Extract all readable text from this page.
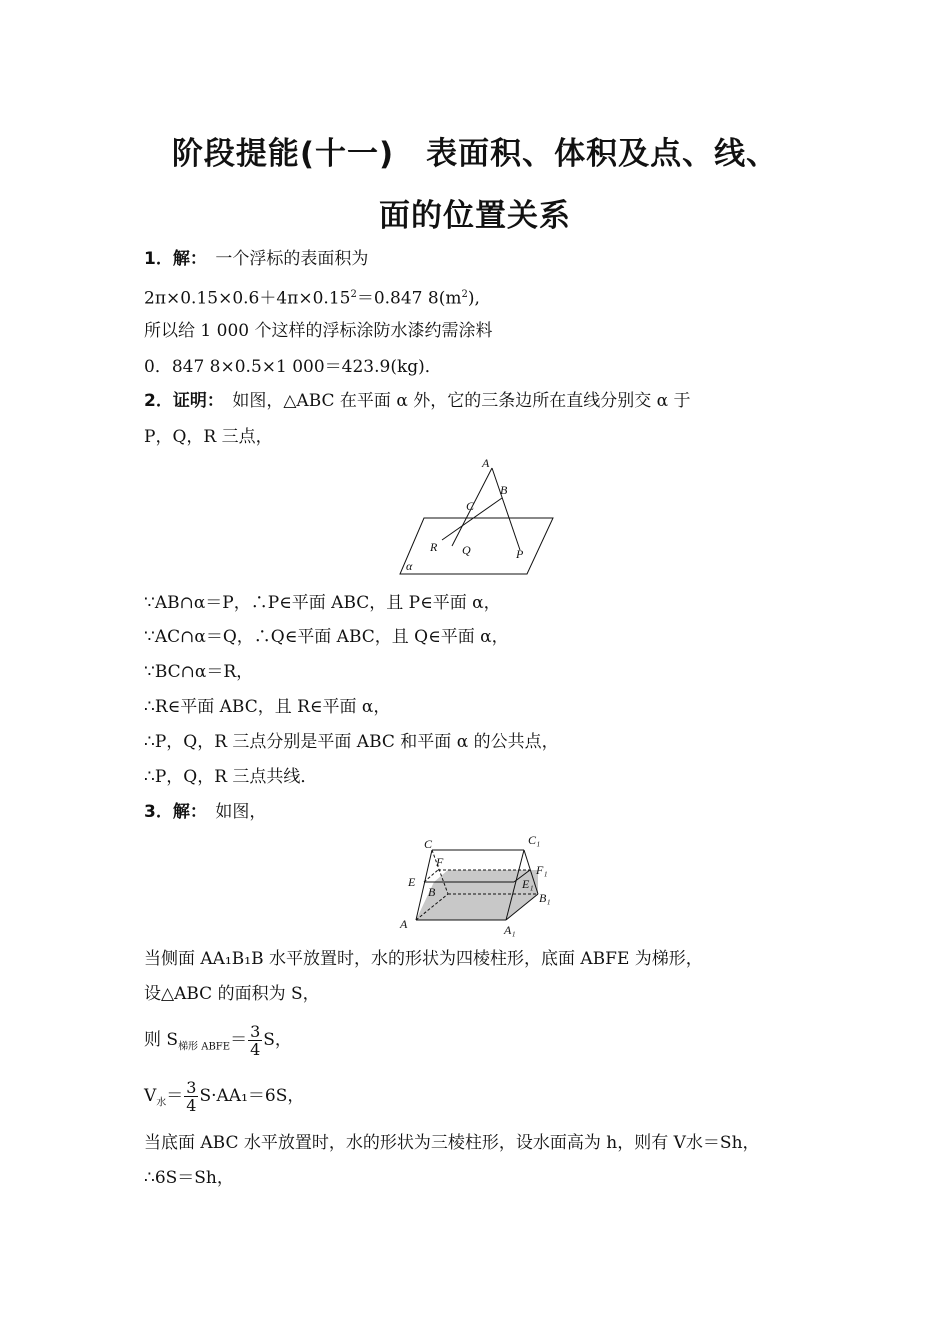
阶段提能(十一)　表面积、体积及点、线、
面的位置关系
1．解：　一个浮标的表面积为
$2\pi\times 0.15\times 0.6+4\pi\times 0.15^2=0.847$ $8(m^2)$,
所以给 1 000 个这样的浮标涂防水漆约需涂料
0．847 8×0.5×1 000＝423.9(kg)．
2．证明：　如图，△ABC 在平面 α 外，它的三条边所在直线分别交 α 于
P，Q，R 三点，
A
B
C
R Q	P
α
∵AB∩α＝P，∴P∈平面 ABC，且 P∈平面 α，
∵AC∩α＝Q，∴Q∈平面 ABC，且 Q∈平面 α，
∵BC∩α＝R，
∴R∈平面 ABC，且 R∈平面 α，
∴P，Q，R 三点分别是平面 ABC 和平面 α 的公共点，
∴P，Q，R 三点共线．
3．解：　如图，
C	C₁
F
F₁
E	E₁
B	B₁
A	A₁
当侧面 AA₁B₁B 水平放置时，水的形状为四棱柱形，底面 ABFE 为梯形，
设△ABC 的面积为 S，
则 $S_{梯形 ABFE}= \frac{3}{4}$ S，
$V_水= \frac{3}{4} S\cdot AA_1=6S$，
当底面 ABC 水平放置时，水的形状为三棱柱形，设水面高为 h，则有 V水＝Sh，
∴6S＝Sh，
